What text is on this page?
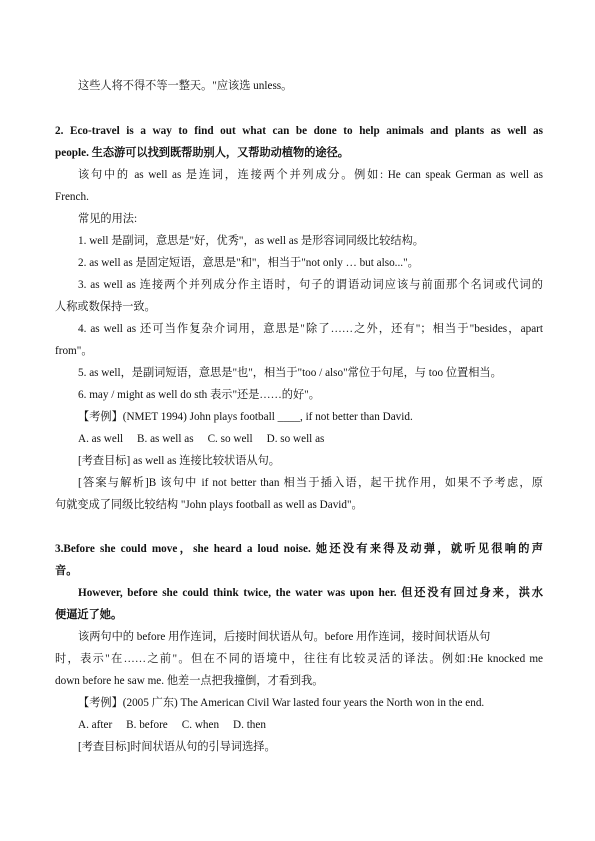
这些人将不得不等一整天。"应该选 unless。
2. Eco-travel is a way to find out what can be done to help animals and plants as well as
people. 生态游可以找到既帮助别人，又帮助动植物的途径。
该句中的 as well as 是连词，连接两个并列成分。例如: He can speak German as well as
French.
常见的用法:
1. well 是副词，意思是"好，优秀"，as well as 是形容词同级比较结构。
2. as well as 是固定短语，意思是"和"，相当于"not only … but also..."。
3. as well as 连接两个并列成分作主语时，句子的谓语动词应该与前面那个名词或代词的
人称或数保持一致。
4. as well as 还可当作复杂介词用，意思是"除了……之外，还有"；相当于"besides，apart
from"。
5. as well，是副词短语，意思是"也"，相当于"too / also"常位于句尾，与 too 位置相当。
6. may / might as well do sth 表示"还是……的好"。
【考例】(NMET 1994) John plays football ____, if not better than David.
A. as well     B. as well as     C. so well     D. so well as
[考查目标] as well as 连接比较状语从句。
[答案与解析]B 该句中 if not better than 相当于插入语，起干扰作用，如果不予考虑，原
句就变成了同级比较结构 "John plays football as well as David"。
3.Before she could move，she heard a loud noise. 她还没有来得及动弹，就听见很响的声
音。
However, before she could think twice, the water was upon her. 但还没有回过身来，洪水
便逼近了她。
该两句中的 before 用作连词，后接时间状语从句。before 用作连词，接时间状语从句
时，表示"在……之前"。但在不同的语境中，往往有比较灵活的译法。例如:He knocked me
down before he saw me. 他差一点把我撞倒，才看到我。
【考例】(2005 广东) The American Civil War lasted four years the North won in the end.
A. after     B. before     C. when     D. then
[考查目标]时间状语从句的引导词选择。
